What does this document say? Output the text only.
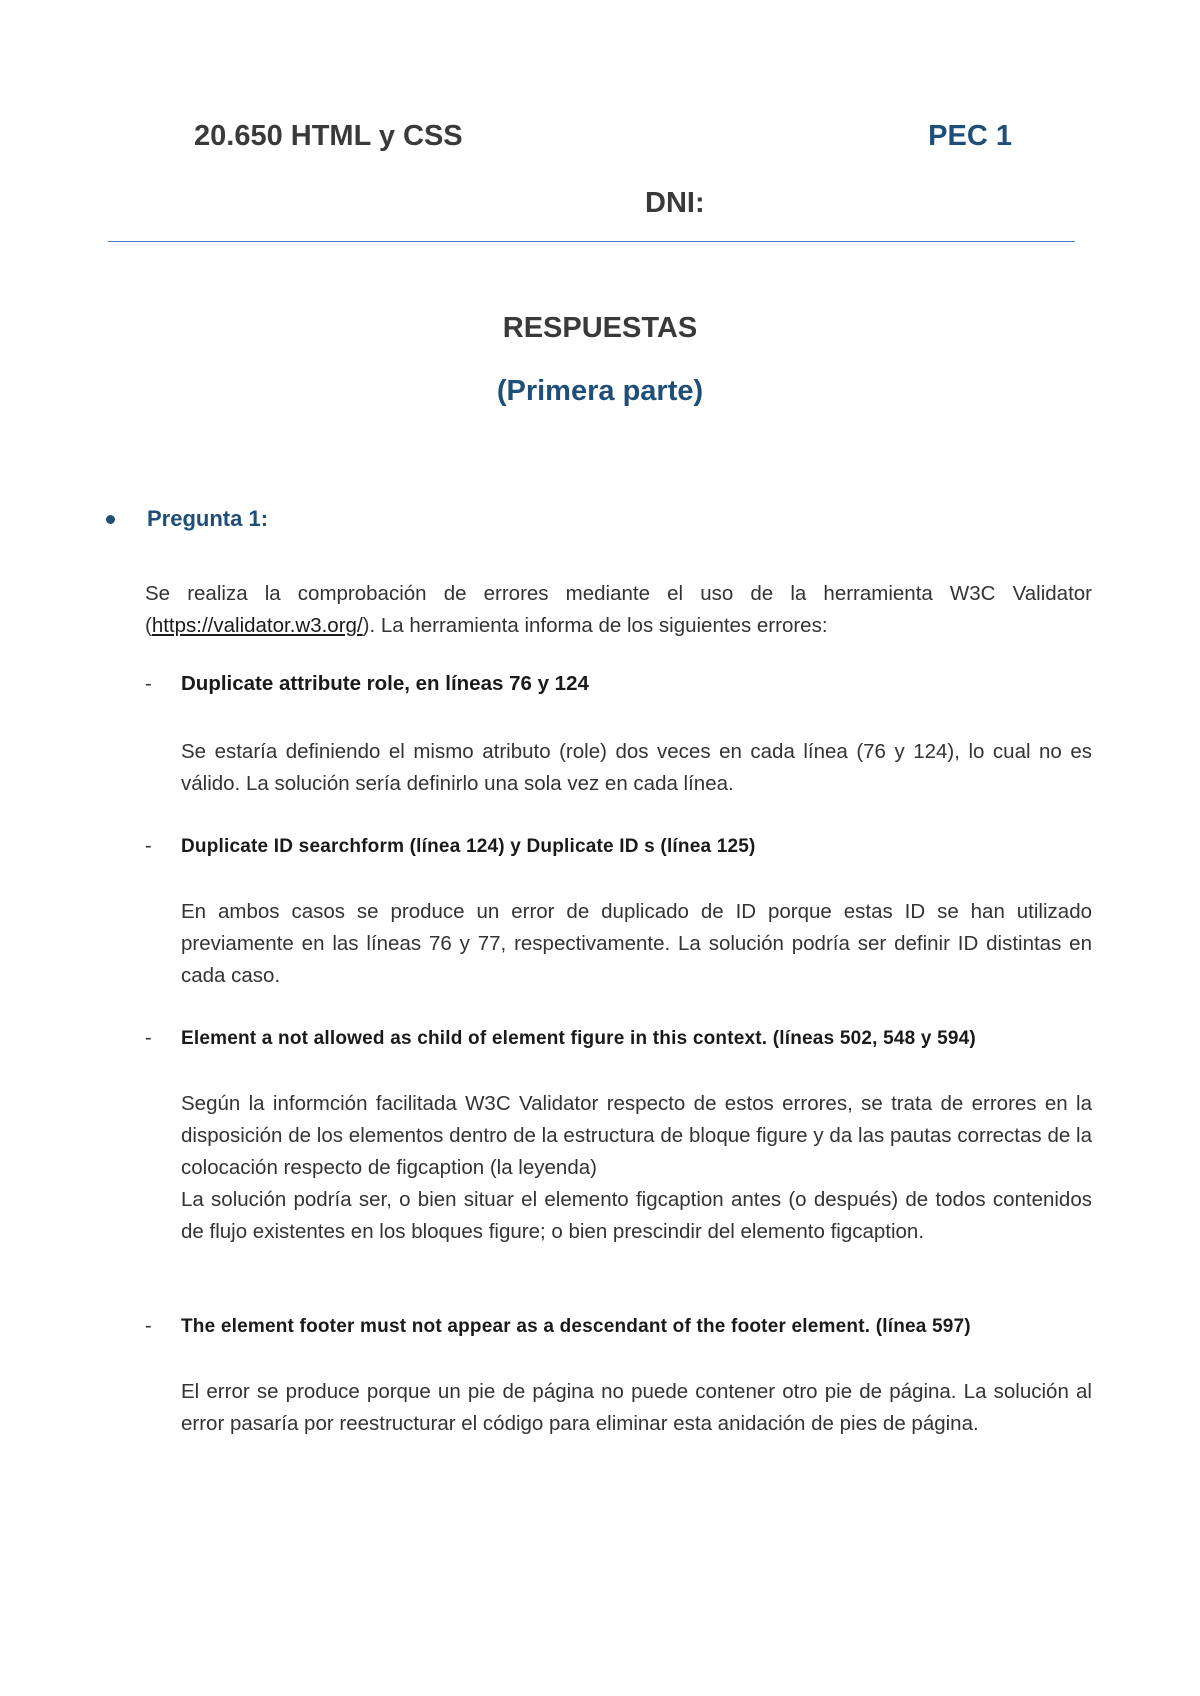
20.650 HTML y CSS	PEC 1
DNI:
RESPUESTAS
(Primera parte)
Pregunta 1:

Se realiza la comprobación de errores mediante el uso de la herramienta W3C Validator (https://validator.w3.org/). La herramienta informa de los siguientes errores:

-	Duplicate attribute role, en líneas 76 y 124

Se estaría definiendo el mismo atributo (role) dos veces en cada línea (76 y 124), lo cual no es válido. La solución sería definirlo una sola vez en cada línea.

-	Duplicate ID searchform (línea 124) y Duplicate ID s (línea 125)

En ambos casos se produce un error de duplicado de ID porque estas ID se han utilizado previamente en las líneas 76 y 77, respectivamente. La solución podría ser definir ID distintas en cada caso.

-	Element a not allowed as child of element figure in this context. (líneas 502, 548 y 594)

Según la informción facilitada W3C Validator respecto de estos errores, se trata de errores en la disposición de los elementos dentro de la estructura de bloque figure y da las pautas correctas de la colocación respecto de figcaption (la leyenda)

La solución podría ser, o bien situar el elemento figcaption antes (o después) de todos contenidos de flujo existentes en los bloques figure; o bien prescindir del elemento figcaption.

-	The element footer must not appear as a descendant of the footer element. (línea 597)

El error se produce porque un pie de página no puede contener otro pie de página. La solución al error pasaría por reestructurar el código para eliminar esta anidación de pies de página.
